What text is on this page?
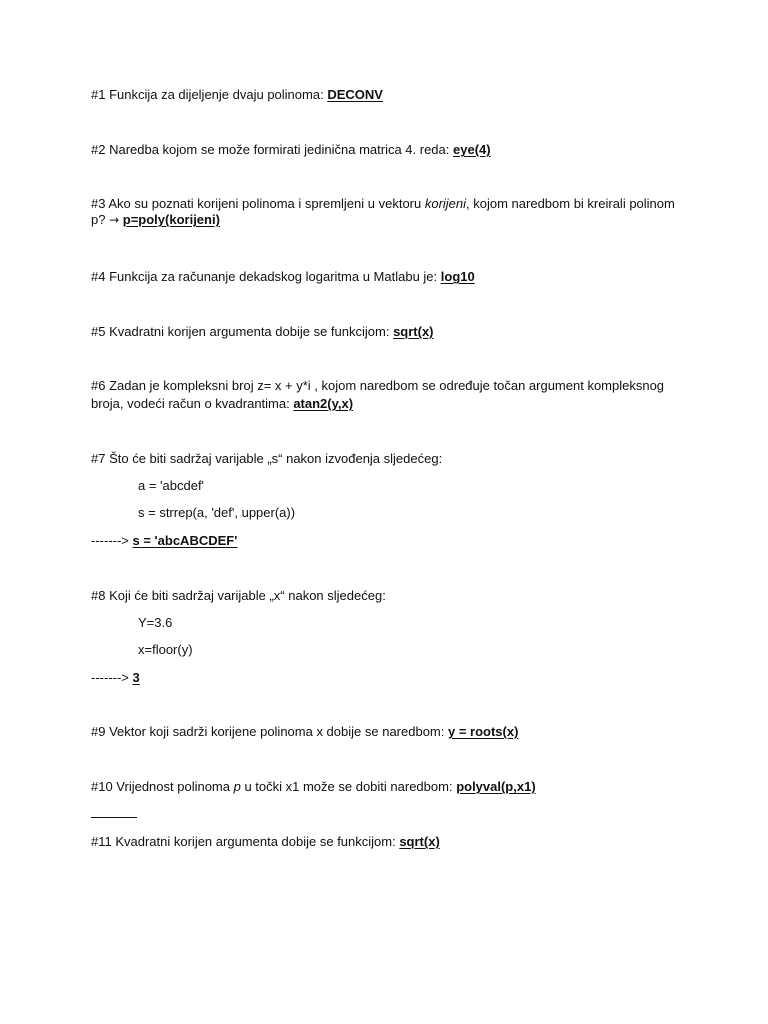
#1 Funkcija za dijeljenje dvaju polinoma: DECONV
#2 Naredba kojom se može formirati jedinična matrica 4. reda: eye(4)
#3 Ako su poznati korijeni polinoma i spremljeni u vektoru korijeni, kojom naredbom bi kreirali polinom p? → p=poly(korijeni)
#4 Funkcija za računanje dekadskog logaritma u Matlabu je: log10
#5 Kvadratni korijen argumenta dobije se funkcijom: sqrt(x)
#6 Zadan je kompleksni broj z= x + y*i , kojom naredbom se određuje točan argument kompleksnog
broja, vodeći račun o kvadrantima: atan2(y,x)
#7 Što će biti sadržaj varijable „s“ nakon izvođenja sljedećeg:
a = 'abcdef'
s = strrep(a, 'def', upper(a))
-------> s = 'abcABCDEF'
#8 Koji će biti sadržaj varijable „x“ nakon sljedećeg:
Y=3.6
x=floor(y)
-------> 3
#9 Vektor koji sadrži korijene polinoma x dobije se naredbom: y = roots(x)
#10 Vrijednost polinoma p u točki x1 može se dobiti naredbom: polyval(p,x1)
#11 Kvadratni korijen argumenta dobije se funkcijom: sqrt(x)
